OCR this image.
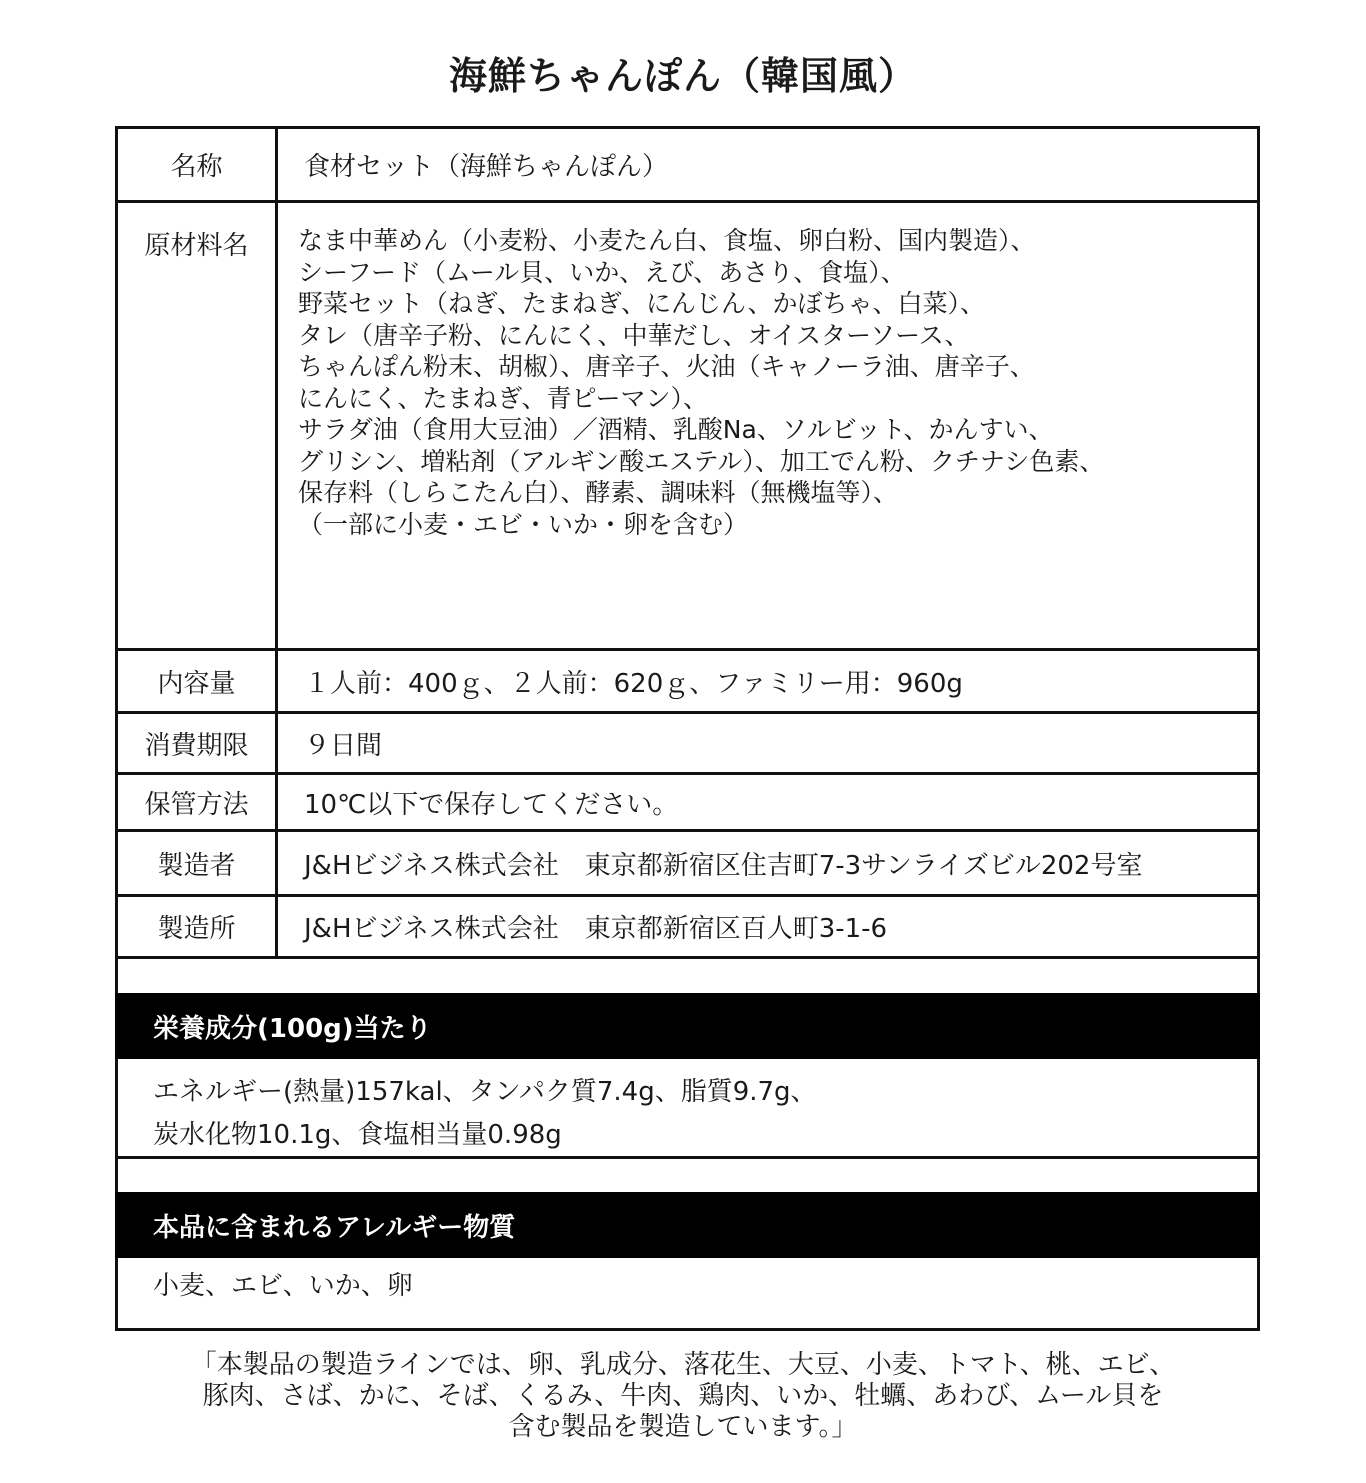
海鮮ちゃんぽん（韓国風）
名称	食材セット（海鮮ちゃんぽん）
原材料名	なま中華めん（小麦粉、小麦たん白、食塩、卵白粉、国内製造）、
シーフード（ムール貝、いか、えび、あさり、食塩）、
野菜セット（ねぎ、たまねぎ、にんじん、かぼちゃ、白菜）、
タレ（唐辛子粉、にんにく、中華だし、オイスターソース、
ちゃんぽん粉末、胡椒）、唐辛子、火油（キャノーラ油、唐辛子、
にんにく、たまねぎ、青ピーマン）、
サラダ油（食用大豆油）／酒精、乳酸Na、ソルビット、かんすい、
グリシン、増粘剤（アルギン酸エステル）、加工でん粉、クチナシ色素、
保存料（しらこたん白）、酵素、調味料（無機塩等）、
（一部に小麦・エビ・いか・卵を含む）
内容量	１人前：400ｇ、２人前：620ｇ、ファミリー用：960g
消費期限	９日間
保管方法	10℃以下で保存してください。
製造者	J&Hビジネス株式会社　東京都新宿区住吉町7-3サンライズビル202号室
製造所	J&Hビジネス株式会社　東京都新宿区百人町3-1-6
栄養成分(100g)当たり
エネルギー(熱量)157kal、タンパク質7.4g、脂質9.7g、
炭水化物10.1g、食塩相当量0.98g
本品に含まれるアレルギー物質
小麦、エビ、いか、卵
「本製品の製造ラインでは、卵、乳成分、落花生、大豆、小麦、トマト、桃、エビ、
豚肉、さば、かに、そば、くるみ、牛肉、鶏肉、いか、牡蠣、あわび、ムール貝を
含む製品を製造しています。」
